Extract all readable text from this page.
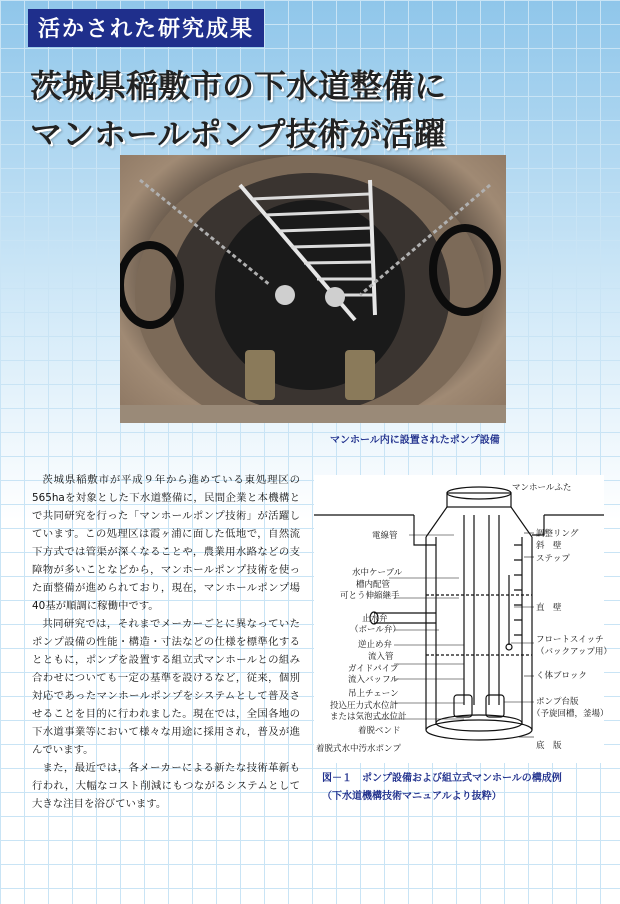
活かされた研究成果
茨城県稲敷市の下水道整備に
マンホールポンプ技術が活躍
マンホール内に設置されたポンプ設備

茨城県稲敷市が平成９年から進めている東処理区の565haを対象とした下水道整備に，民間企業と本機構とで共同研究を行った「マンホールポンプ技術」が活躍しています。この処理区は霞ヶ浦に面した低地で，自然流下方式では管渠が深くなることや，農業用水路などの支障物が多いことなどから，マンホールポンプ技術を使った面整備が進められており，現在，マンホールポンプ場40基が順調に稼働中です。

共同研究では，それまでメーカーごとに異なっていたポンプ設備の性能・構造・寸法などの仕様を標準化するとともに，ポンプを設置する組立式マンホールとの組み合わせについても一定の基準を設けるなど，従来，個別対応であったマンホールポンプをシステムとして普及させることを目的に行われました。現在では，全国各地の下水道事業等において様々な用途に採用され，普及が進んでいます。

また，最近では，各メーカーによる新たな技術革新も行われ，大幅なコスト削減にもつながるシステムとして大きな注目を浴びています。

マンホールふた
調整リング
斜　壁
電線管
ステップ
水中ケーブル
槽内配管
可とう伸縮継手
直　壁
止水弁
（ボール弁）
フロートスイッチ
（バックアップ用）
逆止め弁
流入管
ガイドパイプ
流入バッフル
吊上チェーン
く体ブロック
投込圧力式水位計
または気泡式水位計
ポンプ台版
（予旋回槽，釜場）
着脱ベンド
着脱式水中汚水ポンプ	底　版
図－１　ポンプ設備および組立式マンホールの構成例
（下水道機構技術マニュアルより抜粋）
